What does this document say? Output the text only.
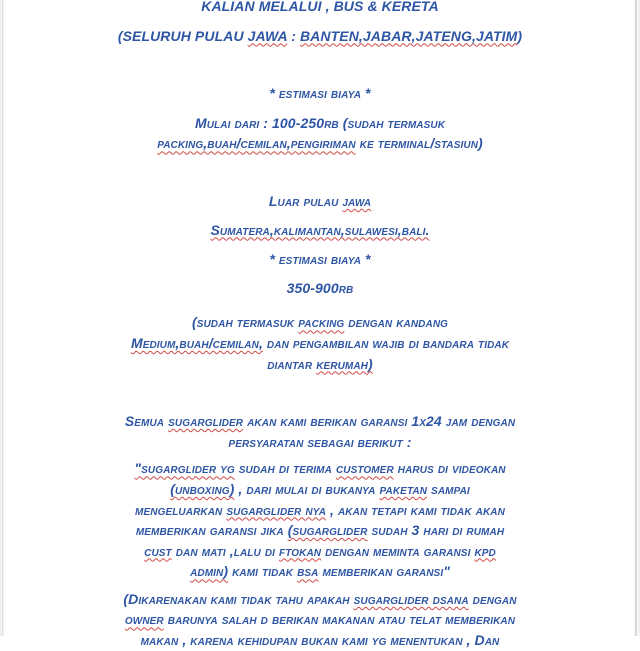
KALIAN MELALUI , BUS & KERETA
(SELURUH PULAU JAWA : BANTEN,JABAR,JATENG,JATIM)
* estimasi biaya *
Mulai dari : 100-250rb (sudah termasuk
packing,buah/cemilan,pengiriman ke terminal/stasiun)
Luar pulau jawa
Sumatera,kalimantan,sulawesi,bali.
* estimasi biaya *
350-900rb
(sudah termasuk packing dengan kandang
Medium,buah/cemilan, dan pengambilan wajib di bandara tidak
diantar kerumah)
Semua sugarglider akan kami berikan garansi 1x24 jam dengan
persyaratan sebagai berikut :
"sugarglider yg sudah di terima customer harus di videokan
(unboxing) , dari mulai di bukanya paketan sampai
mengeluarkan sugarglider nya , akan tetapi kami tidak akan
memberikan garansi jika (sugarglider sudah 3 hari di rumah
cust dan mati ,lalu di ftokan dengan meminta garansi kpd
admin) kami tidak bsa memberikan garansi"
(Dikarenakan kami tidak tahu apakah sugarglider dsana dengan
owner barunya salah d berikan makanan atau telat memberikan
makan , karena kehidupan bukan kami yg menentukan , Dan
